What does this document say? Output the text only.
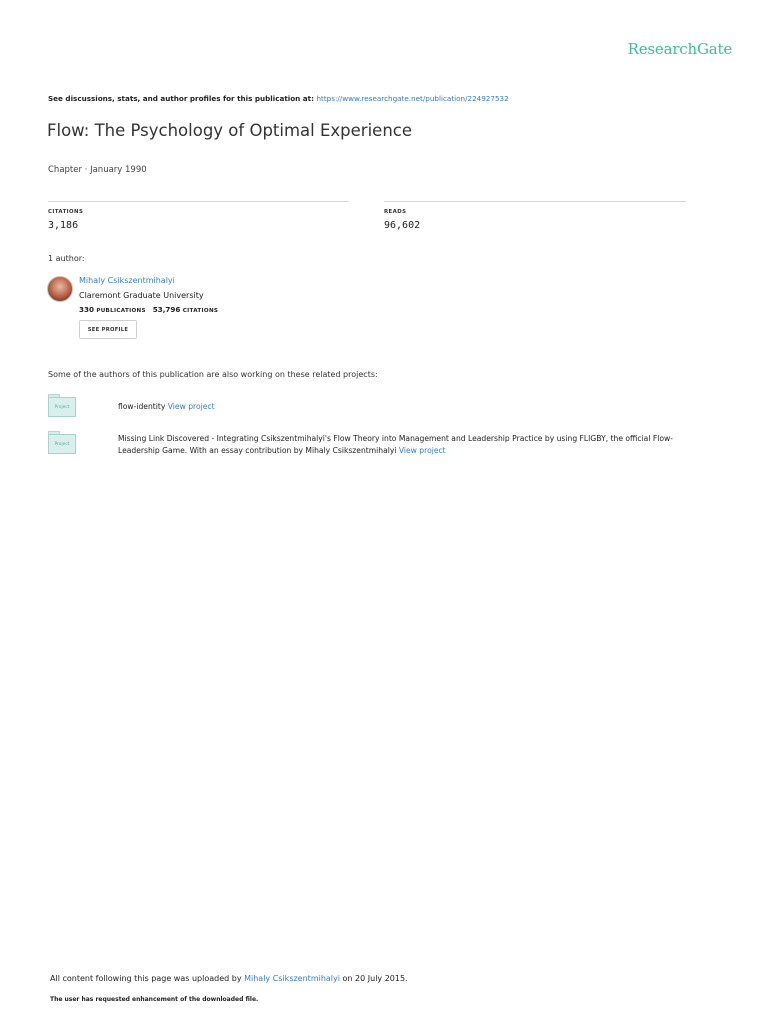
ResearchGate
See discussions, stats, and author profiles for this publication at: https://www.researchgate.net/publication/224927532
Flow: The Psychology of Optimal Experience
Chapter · January 1990
CITATIONS
3,186
READS
96,602
1 author:
Mihaly Csikszentmihalyi
Claremont Graduate University
330 PUBLICATIONS 53,796 CITATIONS
SEE PROFILE
Some of the authors of this publication are also working on these related projects:
Project	flow-identity View project
Project
Missing Link Discovered - Integrating Csikszentmihalyi's Flow Theory into Management and Leadership Practice by using FLIGBY, the official Flow-Leadership Game. With an essay contribution by Mihaly Csikszentmihalyi View project
All content following this page was uploaded by Mihaly Csikszentmihalyi on 20 July 2015.
The user has requested enhancement of the downloaded file.
